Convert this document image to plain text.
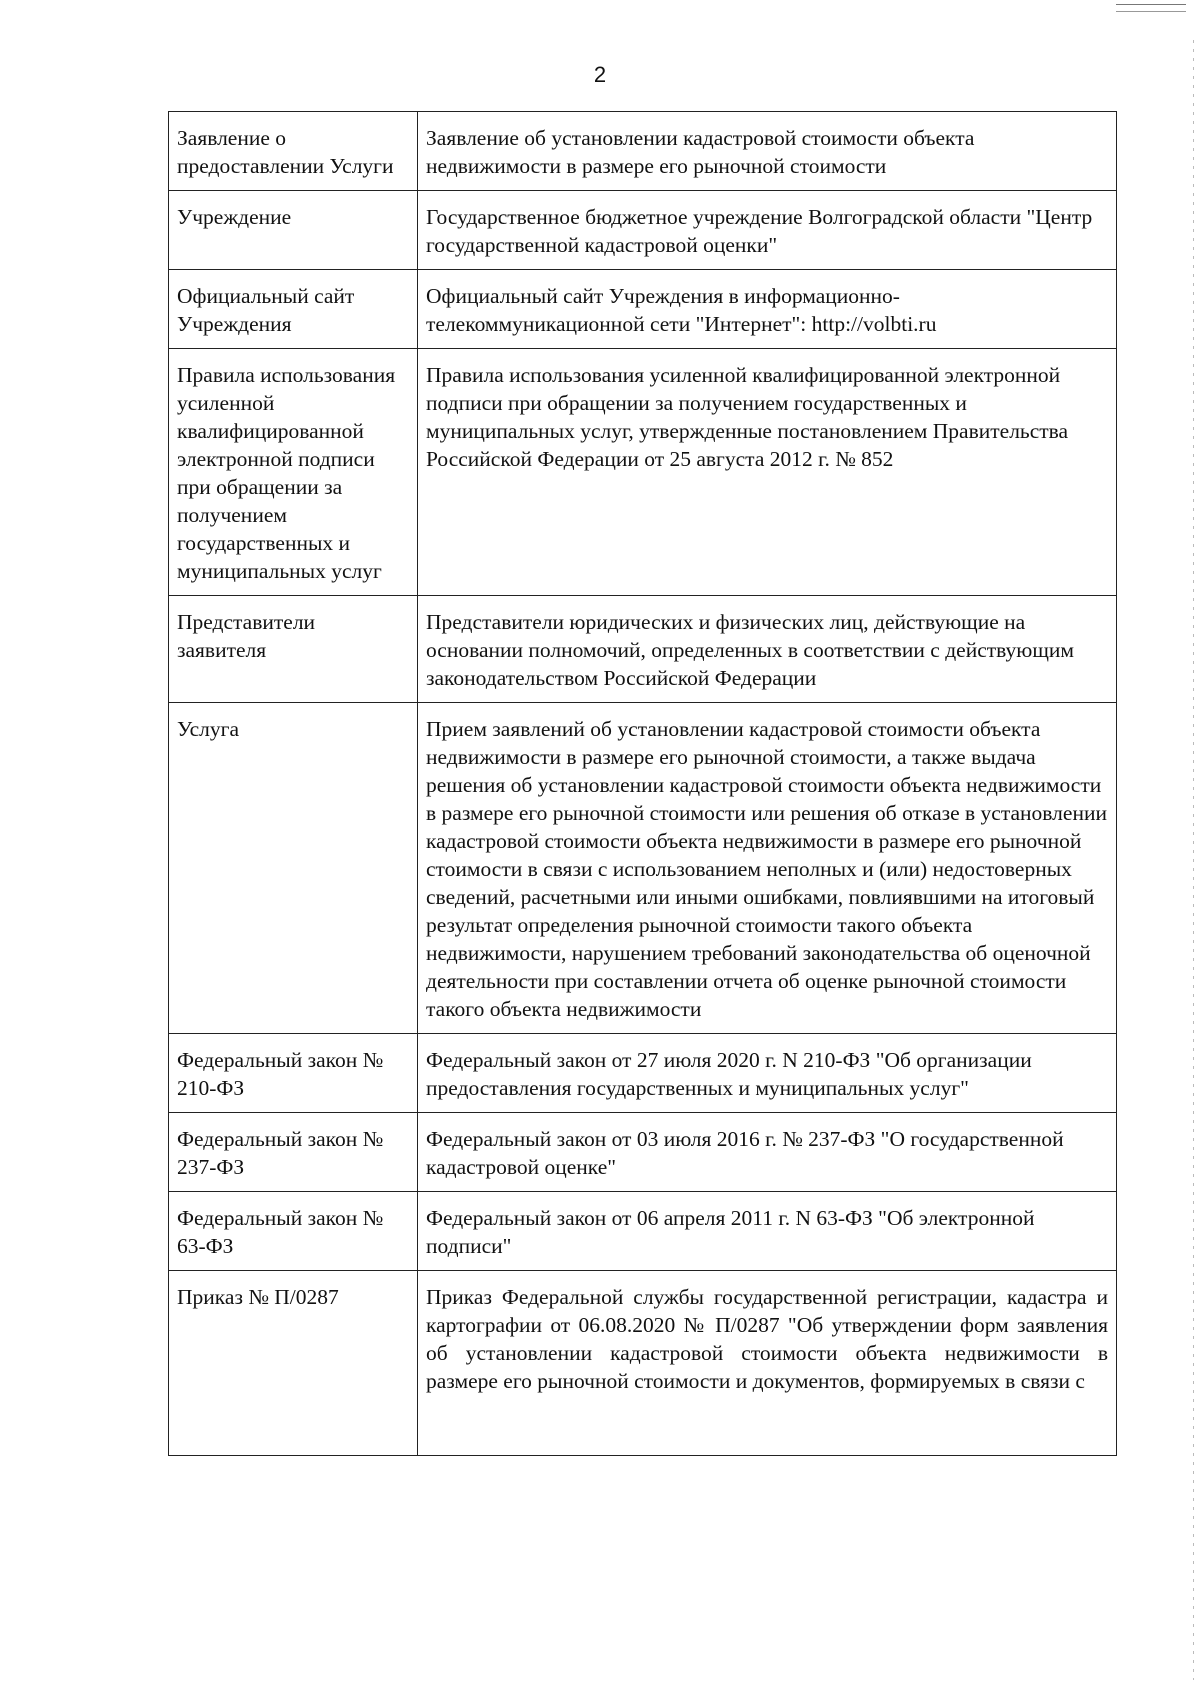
2
Заявление о предоставлении Услуги	Заявление об установлении кадастровой стоимости объекта недвижимости в размере его рыночной стоимости
Учреждение	Государственное бюджетное учреждение Волгоградской области "Центр государственной кадастровой оценки"
Официальный сайт Учреждения	Официальный сайт Учреждения в информационно-телекоммуникационной сети "Интернет": http://volbti.ru
Правила использования усиленной квалифицированной электронной подписи при обращении за получением государственных и муниципальных услуг	Правила использования усиленной квалифицированной электронной подписи при обращении за получением государственных и муниципальных услуг, утвержденные постановлением Правительства Российской Федерации от 25 августа 2012 г. № 852
Представители заявителя	Представители юридических и физических лиц, действующие на основании полномочий, определенных в соответствии с действующим законодательством Российской Федерации
Услуга	Прием заявлений об установлении кадастровой стоимости объекта недвижимости в размере его рыночной стоимости, а также выдача решения об установлении кадастровой стоимости объекта недвижимости в размере его рыночной стоимости или решения об отказе в установлении кадастровой стоимости объекта недвижимости в размере его рыночной стоимости в связи с использованием неполных и (или) недостоверных сведений, расчетными или иными ошибками, повлиявшими на итоговый результат определения рыночной стоимости такого объекта недвижимости, нарушением требований законодательства об оценочной деятельности при составлении отчета об оценке рыночной стоимости такого объекта недвижимости
Федеральный закон № 210-ФЗ	Федеральный закон от 27 июля 2020 г. N 210-ФЗ "Об организации предоставления государственных и муниципальных услуг"
Федеральный закон № 237-ФЗ	Федеральный закон от 03 июля 2016 г. № 237-ФЗ "О государственной кадастровой оценке"
Федеральный закон № 63-ФЗ	Федеральный закон от 06 апреля 2011 г. N 63-ФЗ "Об электронной подписи"
Приказ № П/0287	Приказ Федеральной службы государственной регистрации, кадастра и картографии от 06.08.2020 № П/0287 "Об утверждении форм заявления об установлении кадастровой стоимости объекта недвижимости в размере его рыночной стоимости и документов, формируемых в связи с
